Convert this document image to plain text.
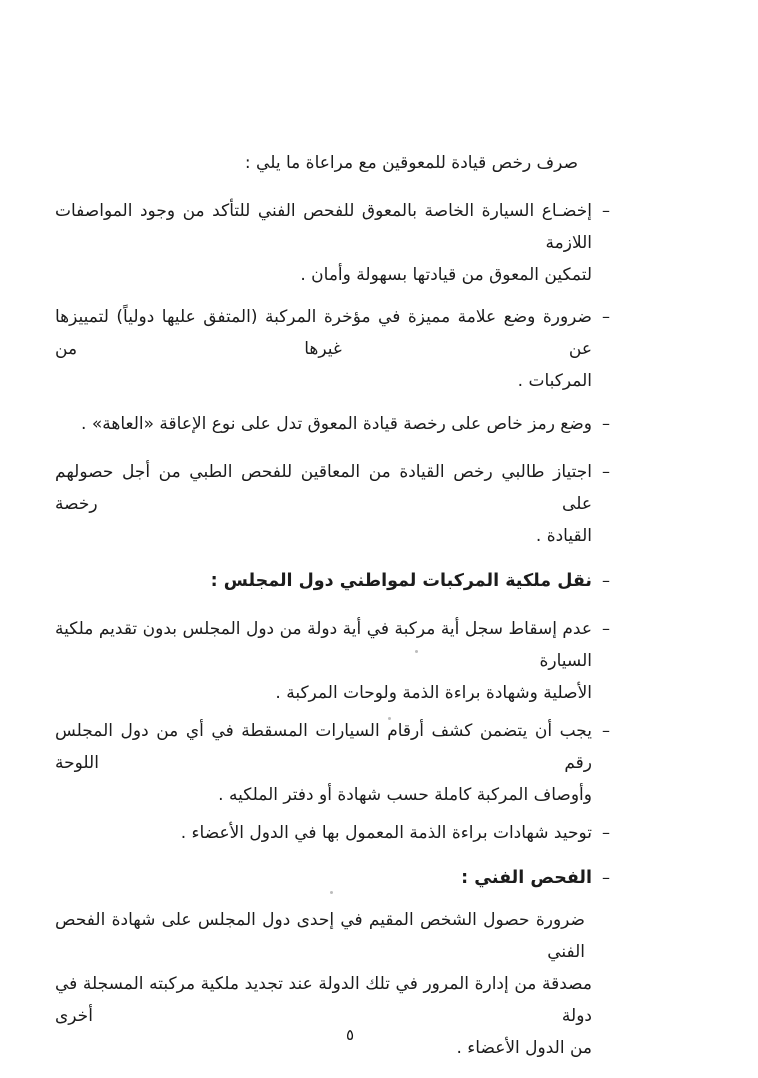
صرف رخص قيادة للمعوقين مع مراعاة ما يلي :
–
إخضـاع السيارة الخاصة بالمعوق للفحص الفني للتأكد من وجود المواصفات اللازمة
لتمكين المعوق من قيادتها بسهولة وأمان .
–
ضرورة وضع علامة مميزة في مؤخرة المركبة (المتفق عليها دولياً) لتمييزها عن غيرها من
المركبات .
–
وضع رمز خاص على رخصة قيادة المعوق تدل على نوع الإعاقة «العاهة» .
–
اجتياز طالبي رخص القيادة من المعاقين للفحص الطبي من أجل حصولهم على رخصة
القيادة .
–
نقل ملكية المركبات لمواطني دول المجلس :
–
عدم إسقاط سجل أية مركبة في أية دولة من دول المجلس بدون تقديم ملكية السيارة
الأصلية وشهادة براءة الذمة ولوحات المركبة .
–
يجب أن يتضمن كشف أرقام السيارات المسقطة في أي من دول المجلس رقم اللوحة
وأوصاف المركبة كاملة حسب شهادة أو دفتر الملكيه .
–
توحيد شهادات براءة الذمة المعمول بها في الدول الأعضاء .
–
الفحص الفني :
ضرورة حصول الشخص المقيم في إحدى دول المجلس على شهادة الفحص الفني
مصدقة من إدارة المرور في تلك الدولة عند تجديد ملكية مركبته المسجلة في دولة أخرى
من الدول الأعضاء .
٥
